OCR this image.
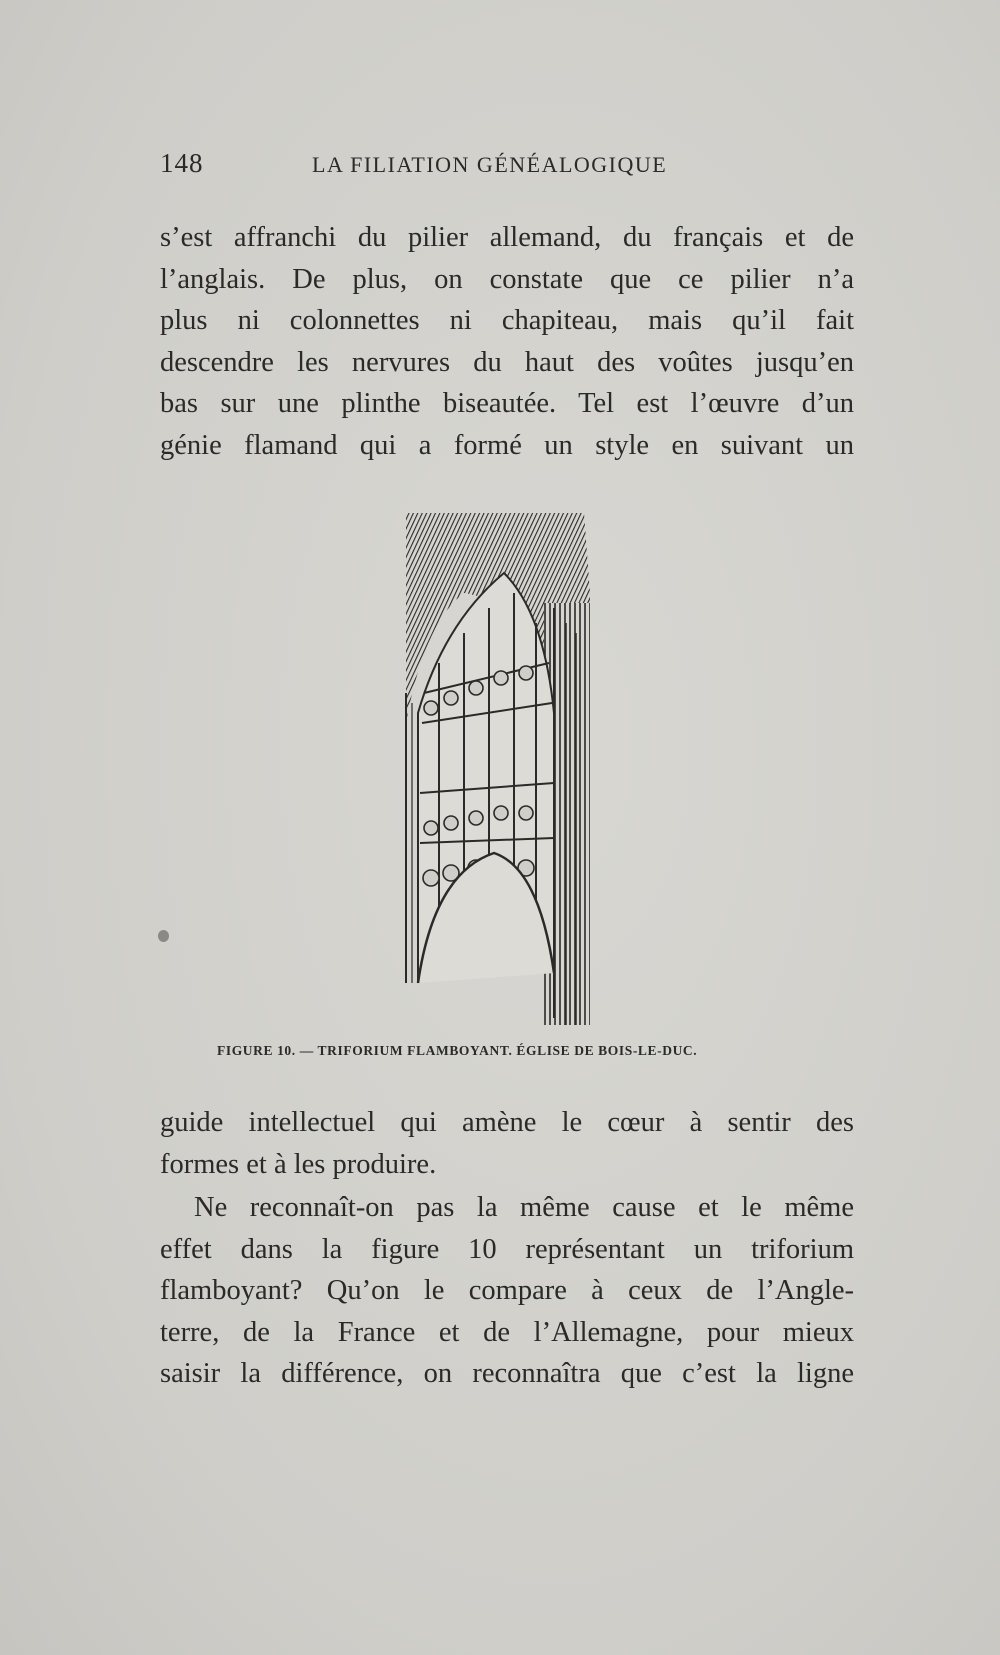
148	LA FILIATION GÉNÉALOGIQUE
s’est affranchi du pilier allemand, du français et de
l’anglais. De plus, on constate que ce pilier n’a
plus ni colonnettes ni chapiteau, mais qu’il fait
descendre les nervures du haut des voûtes jusqu’en
bas sur une plinthe biseautée. Tel est l’œuvre d’un
génie flamand qui a formé un style en suivant un
FIGURE 10. — TRIFORIUM FLAMBOYANT. ÉGLISE DE BOIS-LE-DUC.
guide intellectuel qui amène le cœur à sentir des
formes et à les produire.
Ne reconnaît-on pas la même cause et le même
effet dans la figure 10 représentant un triforium
flamboyant? Qu’on le compare à ceux de l’Angle-
terre, de la France et de l’Allemagne, pour mieux
saisir la différence, on reconnaîtra que c’est la ligne
